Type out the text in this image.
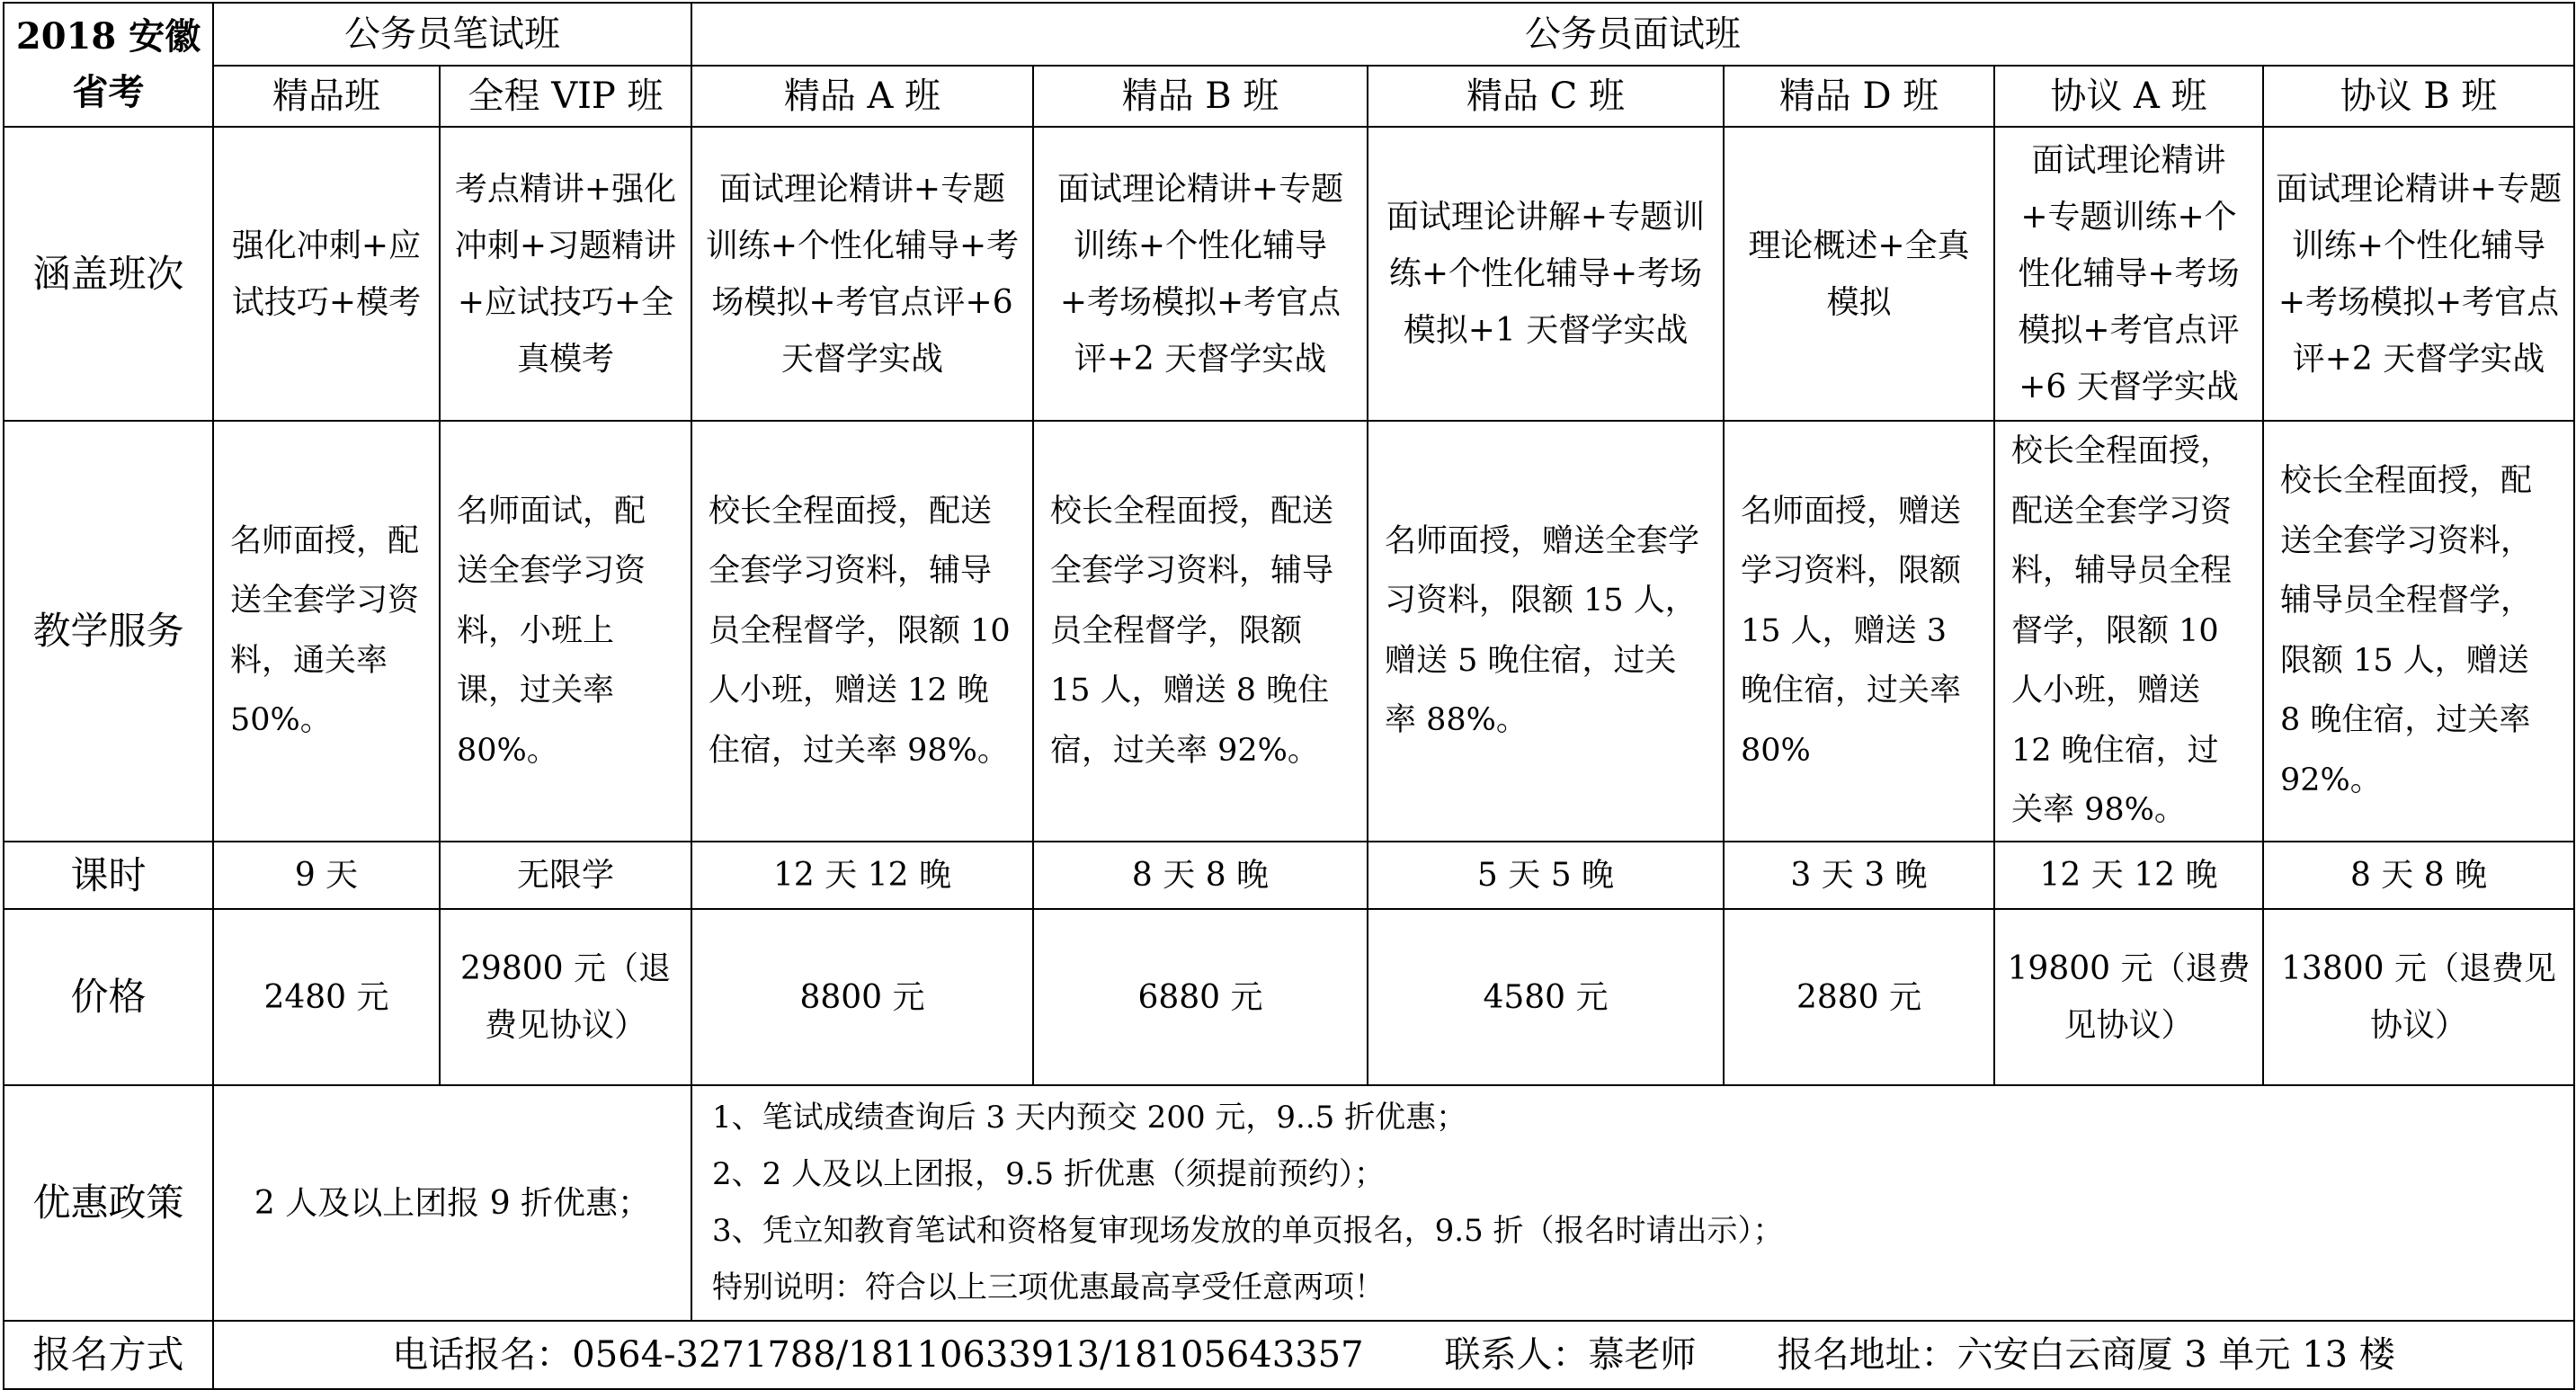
2018 安徽省考	公务员笔试班		公务员面试班					
	精品班	全程 VIP 班	精品 A 班	精品 B 班	精品 C 班	精品 D 班	协议 A 班	协议 B 班
涵盖班次	强化冲刺+应试技巧+模考	考点精讲+强化冲刺+习题精讲+应试技巧+全真模考	面试理论精讲+专题训练+个性化辅导+考场模拟+考官点评+6 天督学实战	面试理论精讲+专题训练+个性化辅导+考场模拟+考官点评+2 天督学实战	面试理论讲解+专题训练+个性化辅导+考场模拟+1 天督学实战	理论概述+全真模拟	面试理论精讲+专题训练+个性化辅导+考场模拟+考官点评+6 天督学实战	面试理论精讲+专题训练+个性化辅导+考场模拟+考官点评+2 天督学实战
教学服务	名师面授，配送全套学习资料，通关率 50%。	名师面试，配送全套学习资料，小班上课，过关率 80%。	校长全程面授，配送全套学习资料，辅导员全程督学，限额 10 人小班，赠送 12 晚住宿，过关率 98%。	校长全程面授，配送全套学习资料，辅导员全程督学，限额 15 人，赠送 8 晚住宿，过关率 92%。	名师面授，赠送全套学习资料，限额 15 人，赠送 5 晚住宿，过关率 88%。	名师面授，赠送学习资料，限额 15 人，赠送 3 晚住宿，过关率 80%	校长全程面授，配送全套学习资料，辅导员全程督学，限额 10 人小班，赠送 12 晚住宿，过关率 98%。	校长全程面授，配送全套学习资料，辅导员全程督学，限额 15 人，赠送 8 晚住宿，过关率 92%。
课时	9 天	无限学	12 天 12 晚	8 天 8 晚	5 天 5 晚	3 天 3 晚	12 天 12 晚	8 天 8 晚
价格	2480 元	29800 元（退费见协议）	8800 元	6880 元	4580 元	2880 元	19800 元（退费见协议）	13800 元（退费见协议）
优惠政策	2 人及以上团报 9 折优惠；		1、笔试成绩查询后 3 天内预交 200 元，9..5 折优惠；
2、2 人及以上团报，9.5 折优惠（须提前预约）；
3、凭立知教育笔试和资格复审现场发放的单页报名，9.5 折（报名时请出示）；
特别说明：符合以上三项优惠最高享受任意两项！					

报名方式	电话报名：0564-3271788/18110633913/18105643357 联系人：慕老师 报名地址：六安白云商厦 3 单元 13 楼							
